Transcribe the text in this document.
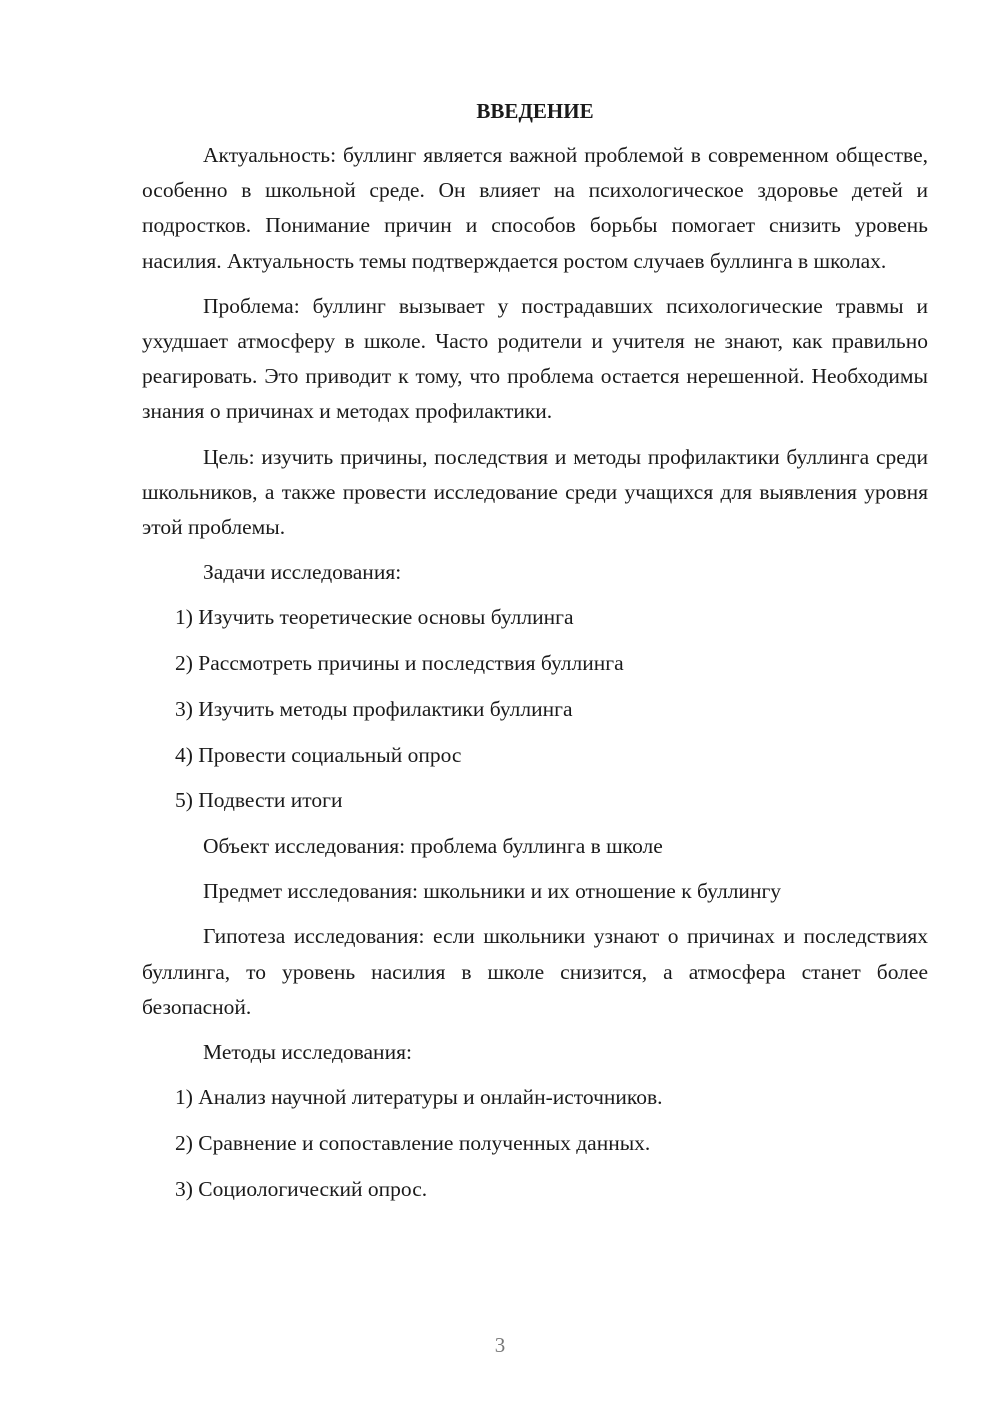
ВВЕДЕНИЕ

Актуальность: буллинг является важной проблемой в современном обществе, особенно в школьной среде. Он влияет на психологическое здоровье детей и подростков. Понимание причин и способов борьбы помогает снизить уровень насилия. Актуальность темы подтверждается ростом случаев буллинга в школах.

Проблема: буллинг вызывает у пострадавших психологические травмы и ухудшает атмосферу в школе. Часто родители и учителя не знают, как правильно реагировать. Это приводит к тому, что проблема остается нерешенной. Необходимы знания о причинах и методах профилактики.

Цель: изучить причины, последствия и методы профилактики буллинга среди школьников, а также провести исследование среди учащихся для выявления уровня этой проблемы.

Задачи исследования:
1) Изучить теоретические основы буллинга
2) Рассмотреть причины и последствия буллинга
3) Изучить методы профилактики буллинга
4) Провести социальный опрос
5) Подвести итоги
Объект исследования: проблема буллинга в школе
Предмет исследования: школьники и их отношение к буллингу

Гипотеза исследования: если школьники узнают о причинах и последствиях буллинга, то уровень насилия в школе снизится, а атмосфера станет более безопасной.

Методы исследования:
1) Анализ научной литературы и онлайн-источников.
2) Сравнение и сопоставление полученных данных.
3) Социологический опрос.
3
